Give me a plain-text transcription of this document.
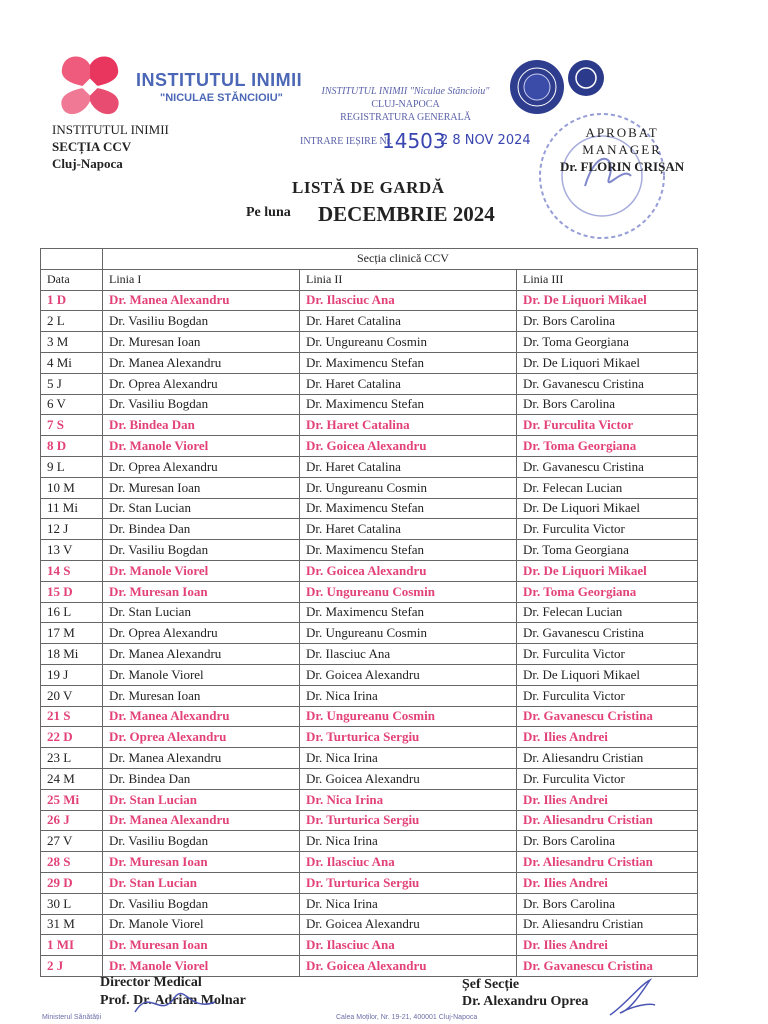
INSTITUTUL INIMII
"NICULAE STĂNCIOIU"
INSTITUTUL INIMII
SECȚIA CCV
Cluj-Napoca
INSTITUTUL INIMII "Niculae Stăncioiu"
CLUJ-NAPOCA
REGISTRATURA GENERALĂ
INTRARE IEȘIRE Nr.
14503
2 8 NOV 2024
APROBAT
MANAGER
Dr. FLORIN CRIȘAN
LISTĂ DE GARDĂ
Pe luna DECEMBRIE 2024
	Secția clinică CCV		
Data	Linia I	Linia II	Linia III
1 D	Dr. Manea Alexandru	Dr. Ilasciuc Ana	Dr. De Liquori Mikael
2 L	Dr. Vasiliu Bogdan	Dr. Haret Catalina	Dr. Bors Carolina
3 M	Dr. Muresan Ioan	Dr. Ungureanu Cosmin	Dr. Toma Georgiana
4 Mi	Dr. Manea Alexandru	Dr. Maximencu Stefan	Dr. De Liquori Mikael
5 J	Dr. Oprea Alexandru	Dr. Haret Catalina	Dr. Gavanescu Cristina
6 V	Dr. Vasiliu Bogdan	Dr. Maximencu Stefan	Dr. Bors Carolina
7 S	Dr. Bindea Dan	Dr. Haret Catalina	Dr. Furculita Victor
8 D	Dr. Manole Viorel	Dr. Goicea Alexandru	Dr. Toma Georgiana
9 L	Dr. Oprea Alexandru	Dr. Haret Catalina	Dr. Gavanescu Cristina
10 M	Dr. Muresan Ioan	Dr. Ungureanu Cosmin	Dr. Felecan Lucian
11 Mi	Dr. Stan Lucian	Dr. Maximencu Stefan	Dr. De Liquori Mikael
12 J	Dr. Bindea Dan	Dr. Haret Catalina	Dr. Furculita Victor
13 V	Dr. Vasiliu Bogdan	Dr. Maximencu Stefan	Dr. Toma Georgiana
14 S	Dr. Manole Viorel	Dr. Goicea Alexandru	Dr. De Liquori Mikael
15 D	Dr. Muresan Ioan	Dr. Ungureanu Cosmin	Dr. Toma Georgiana
16 L	Dr. Stan Lucian	Dr. Maximencu Stefan	Dr. Felecan Lucian
17 M	Dr. Oprea Alexandru	Dr. Ungureanu Cosmin	Dr. Gavanescu Cristina
18 Mi	Dr. Manea Alexandru	Dr. Ilasciuc Ana	Dr. Furculita Victor
19 J	Dr. Manole Viorel	Dr. Goicea Alexandru	Dr. De Liquori Mikael
20 V	Dr. Muresan Ioan	Dr. Nica Irina	Dr. Furculita Victor
21 S	Dr. Manea Alexandru	Dr. Ungureanu Cosmin	Dr. Gavanescu Cristina
22 D	Dr. Oprea Alexandru	Dr. Turturica Sergiu	Dr. Ilies Andrei
23 L	Dr. Manea Alexandru	Dr. Nica Irina	Dr. Aliesandru Cristian
24 M	Dr. Bindea Dan	Dr. Goicea Alexandru	Dr. Furculita Victor
25 Mi	Dr. Stan Lucian	Dr. Nica Irina	Dr. Ilies Andrei
26 J	Dr. Manea Alexandru	Dr. Turturica Sergiu	Dr. Aliesandru Cristian
27 V	Dr. Vasiliu Bogdan	Dr. Nica Irina	Dr. Bors Carolina
28 S	Dr. Muresan Ioan	Dr. Ilasciuc Ana	Dr. Aliesandru Cristian
29 D	Dr. Stan Lucian	Dr. Turturica Sergiu	Dr. Ilies Andrei
30 L	Dr. Vasiliu Bogdan	Dr. Nica Irina	Dr. Bors Carolina
31 M	Dr. Manole Viorel	Dr. Goicea Alexandru	Dr. Aliesandru Cristian
1 MI	Dr. Muresan Ioan	Dr. Ilasciuc Ana	Dr. Ilies Andrei
2 J	Dr. Manole Viorel	Dr. Goicea Alexandru	Dr. Gavanescu Cristina
Director Medical
Prof. Dr. Adrian Molnar
Șef Secție
Dr. Alexandru Oprea
Ministerul Sănătății	Calea Moților, Nr. 19-21, 400001 Cluj-Napoca
